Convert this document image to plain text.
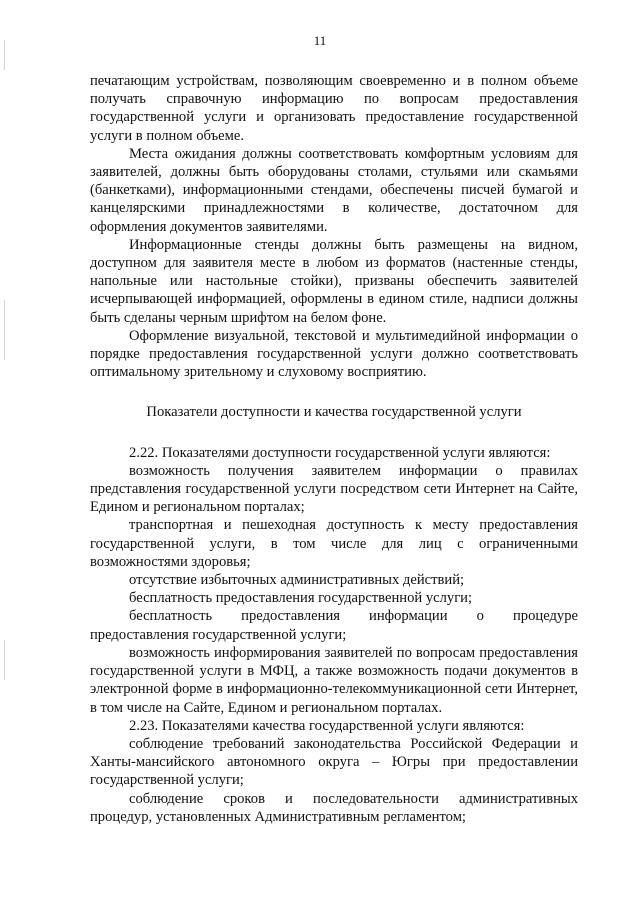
11

печатающим устройствам, позволяющим своевременно и в полном объеме получать справочную информацию по вопросам предоставления государственной услуги и организовать предоставление государственной услуги в полном объеме.

Места ожидания должны соответствовать комфортным условиям для заявителей, должны быть оборудованы столами, стульями или скамьями (банкетками), информационными стендами, обеспечены писчей бумагой и канцелярскими принадлежностями в количестве, достаточном для оформления документов заявителями.

Информационные стенды должны быть размещены на видном, доступном для заявителя месте в любом из форматов (настенные стенды, напольные или настольные стойки), призваны обеспечить заявителей исчерпывающей информацией, оформлены в едином стиле, надписи должны быть сделаны черным шрифтом на белом фоне.

Оформление визуальной, текстовой и мультимедийной информации о порядке предоставления государственной услуги должно соответствовать оптимальному зрительному и слуховому восприятию.

Показатели доступности и качества государственной услуги

2.22. Показателями доступности государственной услуги являются:

возможность получения заявителем информации о правилах представления государственной услуги посредством сети Интернет на Сайте, Едином и региональном порталах;

транспортная и пешеходная доступность к месту предоставления государственной услуги, в том числе для лиц с ограниченными возможностями здоровья;

отсутствие избыточных административных действий;

бесплатность предоставления государственной услуги;

бесплатность предоставления информации о процедуре предоставления государственной услуги;

возможность информирования заявителей по вопросам предоставления государственной услуги в МФЦ, а также возможность подачи документов в электронной форме в информационно-телекоммуникационной сети Интернет, в том числе на Сайте, Едином и региональном порталах.

2.23. Показателями качества государственной услуги являются:

соблюдение требований законодательства Российской Федерации и Ханты-мансийского автономного округа – Югры при предоставлении государственной услуги;

соблюдение сроков и последовательности административных процедур, установленных Административным регламентом;
